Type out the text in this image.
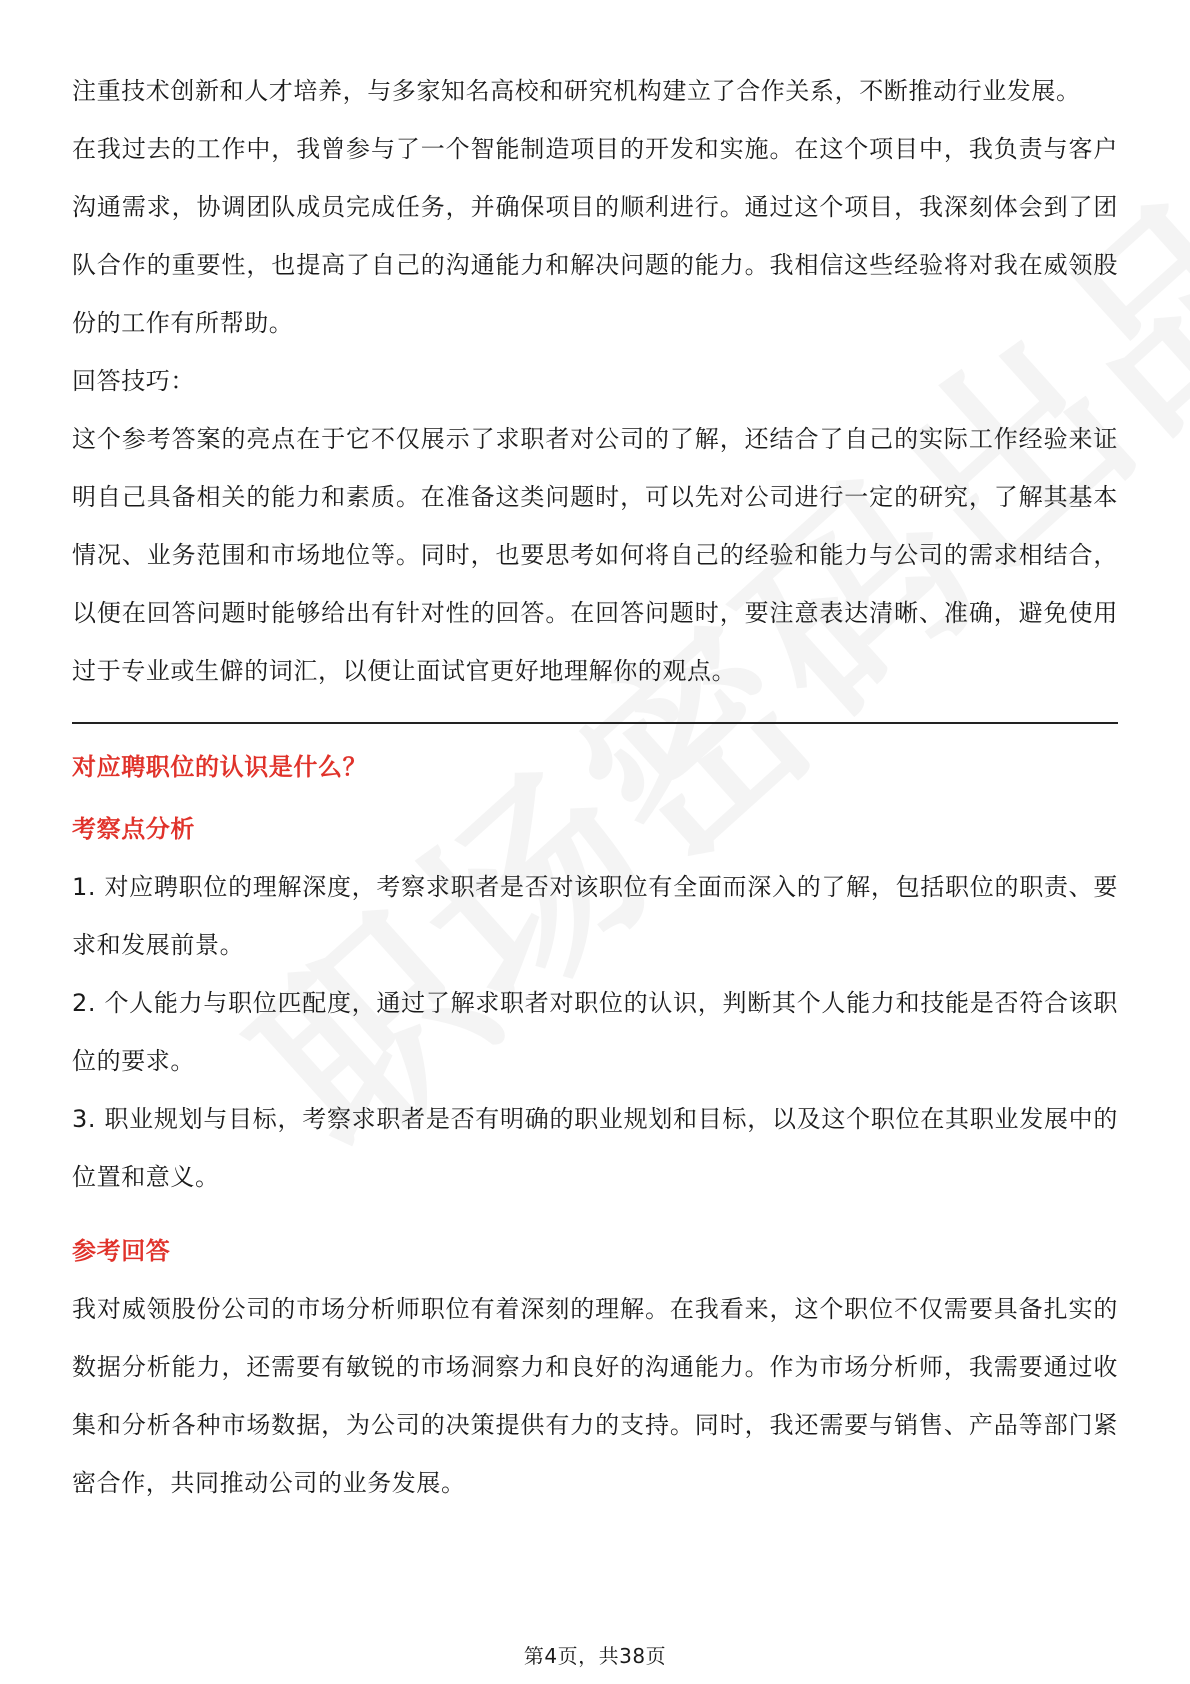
注重技术创新和人才培养，与多家知名高校和研究机构建立了合作关系，不断推动行业发展。

在我过去的工作中，我曾参与了一个智能制造项目的开发和实施。在这个项目中，我负责与客户沟通需求，协调团队成员完成任务，并确保项目的顺利进行。通过这个项目，我深刻体会到了团队合作的重要性，也提高了自己的沟通能力和解决问题的能力。我相信这些经验将对我在威领股份的工作有所帮助。

回答技巧：

这个参考答案的亮点在于它不仅展示了求职者对公司的了解，还结合了自己的实际工作经验来证明自己具备相关的能力和素质。在准备这类问题时，可以先对公司进行一定的研究，了解其基本情况、业务范围和市场地位等。同时，也要思考如何将自己的经验和能力与公司的需求相结合，以便在回答问题时能够给出有针对性的回答。在回答问题时，要注意表达清晰、准确，避免使用过于专业或生僻的词汇，以便让面试官更好地理解你的观点。

对应聘职位的认识是什么？
考察点分析

1. 对应聘职位的理解深度，考察求职者是否对该职位有全面而深入的了解，包括职位的职责、要求和发展前景。

2. 个人能力与职位匹配度，通过了解求职者对职位的认识，判断其个人能力和技能是否符合该职位的要求。

3. 职业规划与目标，考察求职者是否有明确的职业规划和目标，以及这个职位在其职业发展中的位置和意义。

参考回答

我对威领股份公司的市场分析师职位有着深刻的理解。在我看来，这个职位不仅需要具备扎实的数据分析能力，还需要有敏锐的市场洞察力和良好的沟通能力。作为市场分析师，我需要通过收集和分析各种市场数据，为公司的决策提供有力的支持。同时，我还需要与销售、产品等部门紧密合作，共同推动公司的业务发展。

第4页，共38页
